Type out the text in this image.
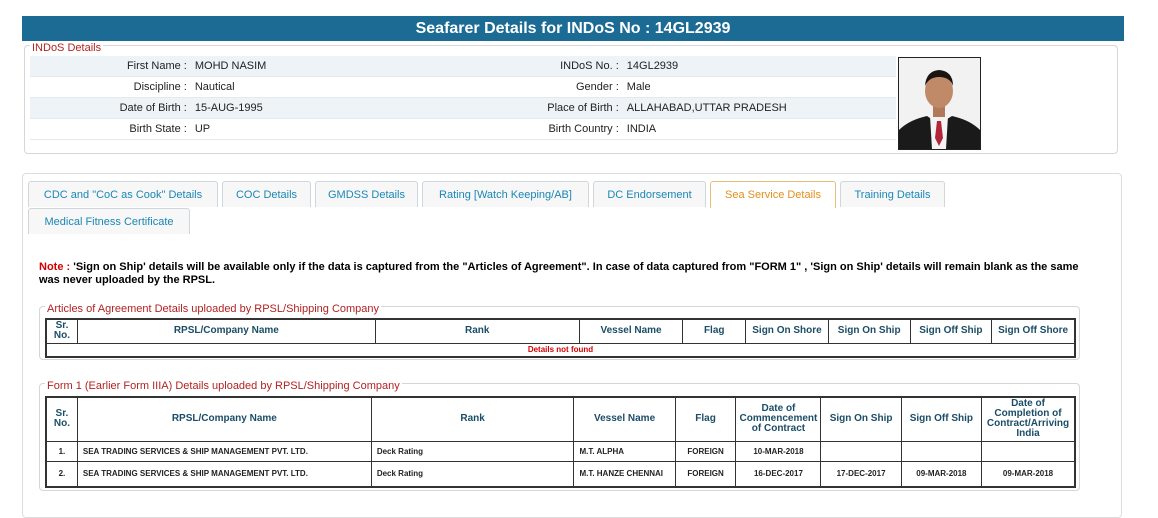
Seafarer Details for INDoS No : 14GL2939
INDoS Details
First Name :	MOHD NASIM	INDoS No. :	14GL2939
Discipline :	Nautical	Gender :	Male
Date of Birth :	15-AUG-1995	Place of Birth :	ALLAHABAD,UTTAR PRADESH
Birth State :	UP	Birth Country :	INDIA
CDC and "CoC as Cook" Details	COC Details	GMDSS Details	Rating [Watch Keeping/AB]	DC Endorsement	Sea Service Details	Training Details
Medical Fitness Certificate
Note : 'Sign on Ship' details will be available only if the data is captured from the "Articles of Agreement". In case of data captured from "FORM 1" , 'Sign on Ship' details will remain blank as the same was never uploaded by the RPSL.
Articles of Agreement Details uploaded by RPSL/Shipping Company
Sr. No.	RPSL/Company Name	Rank	Vessel Name	Flag	Sign On Shore	Sign On Ship	Sign Off Ship	Sign Off Shore
Details not found
Form 1 (Earlier Form IIIA) Details uploaded by RPSL/Shipping Company
Sr. No.	RPSL/Company Name	Rank	Vessel Name	Flag	Date of Commencement of Contract	Sign On Ship	Sign Off Ship	Date of Completion of Contract/Arriving India
1.	SEA TRADING SERVICES & SHIP MANAGEMENT PVT. LTD.	Deck Rating	M.T. ALPHA	FOREIGN	10-MAR-2018			
2.	SEA TRADING SERVICES & SHIP MANAGEMENT PVT. LTD.	Deck Rating	M.T. HANZE CHENNAI	FOREIGN	16-DEC-2017	17-DEC-2017	09-MAR-2018	09-MAR-2018
